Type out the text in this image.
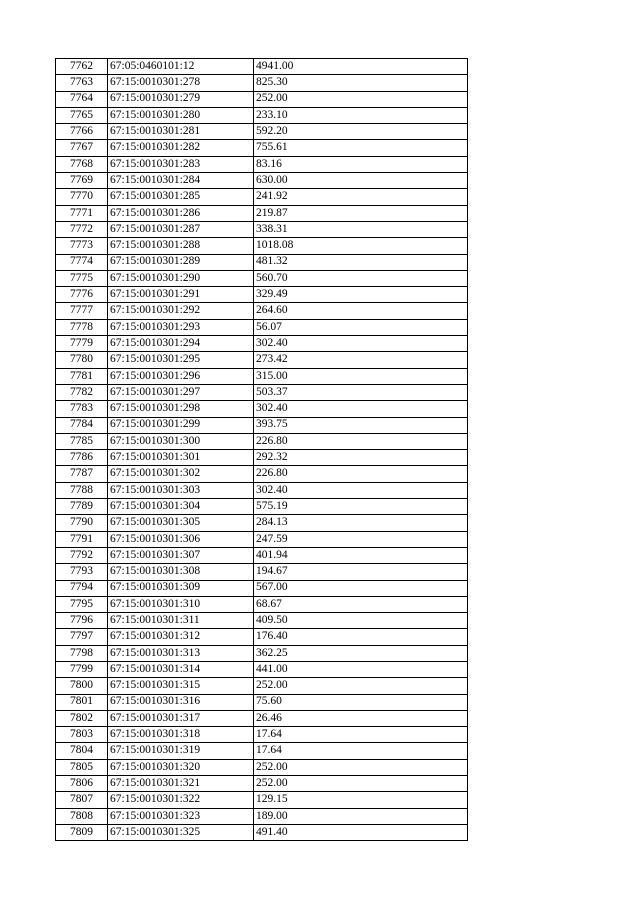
7762	67:05:0460101:12	4941.00
7763	67:15:0010301:278	825.30
7764	67:15:0010301:279	252.00
7765	67:15:0010301:280	233.10
7766	67:15:0010301:281	592.20
7767	67:15:0010301:282	755.61
7768	67:15:0010301:283	83.16
7769	67:15:0010301:284	630.00
7770	67:15:0010301:285	241.92
7771	67:15:0010301:286	219.87
7772	67:15:0010301:287	338.31
7773	67:15:0010301:288	1018.08
7774	67:15:0010301:289	481.32
7775	67:15:0010301:290	560.70
7776	67:15:0010301:291	329.49
7777	67:15:0010301:292	264.60
7778	67:15:0010301:293	56.07
7779	67:15:0010301:294	302.40
7780	67:15:0010301:295	273.42
7781	67:15:0010301:296	315.00
7782	67:15:0010301:297	503.37
7783	67:15:0010301:298	302.40
7784	67:15:0010301:299	393.75
7785	67:15:0010301:300	226.80
7786	67:15:0010301:301	292.32
7787	67:15:0010301:302	226.80
7788	67:15:0010301:303	302.40
7789	67:15:0010301:304	575.19
7790	67:15:0010301:305	284.13
7791	67:15:0010301:306	247.59
7792	67:15:0010301:307	401.94
7793	67:15:0010301:308	194.67
7794	67:15:0010301:309	567.00
7795	67:15:0010301:310	68.67
7796	67:15:0010301:311	409.50
7797	67:15:0010301:312	176.40
7798	67:15:0010301:313	362.25
7799	67:15:0010301:314	441.00
7800	67:15:0010301:315	252.00
7801	67:15:0010301:316	75.60
7802	67:15:0010301:317	26.46
7803	67:15:0010301:318	17.64
7804	67:15:0010301:319	17.64
7805	67:15:0010301:320	252.00
7806	67:15:0010301:321	252.00
7807	67:15:0010301:322	129.15
7808	67:15:0010301:323	189.00
7809	67:15:0010301:325	491.40
